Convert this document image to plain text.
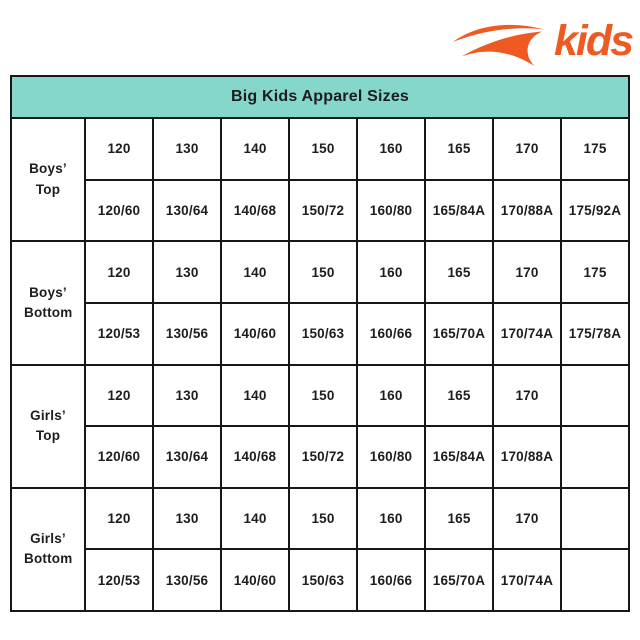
kids
Big Kids Apparel Sizes								
Boys’ Top	120	130	140	150	160	165	170	175
	120/60	130/64	140/68	150/72	160/80	165/84A	170/88A	175/92A
Boys’ Bottom	120	130	140	150	160	165	170	175
	120/53	130/56	140/60	150/63	160/66	165/70A	170/74A	175/78A
Girls’ Top	120	130	140	150	160	165	170	
	120/60	130/64	140/68	150/72	160/80	165/84A	170/88A	
Girls’ Bottom	120	130	140	150	160	165	170	
	120/53	130/56	140/60	150/63	160/66	165/70A	170/74A	
